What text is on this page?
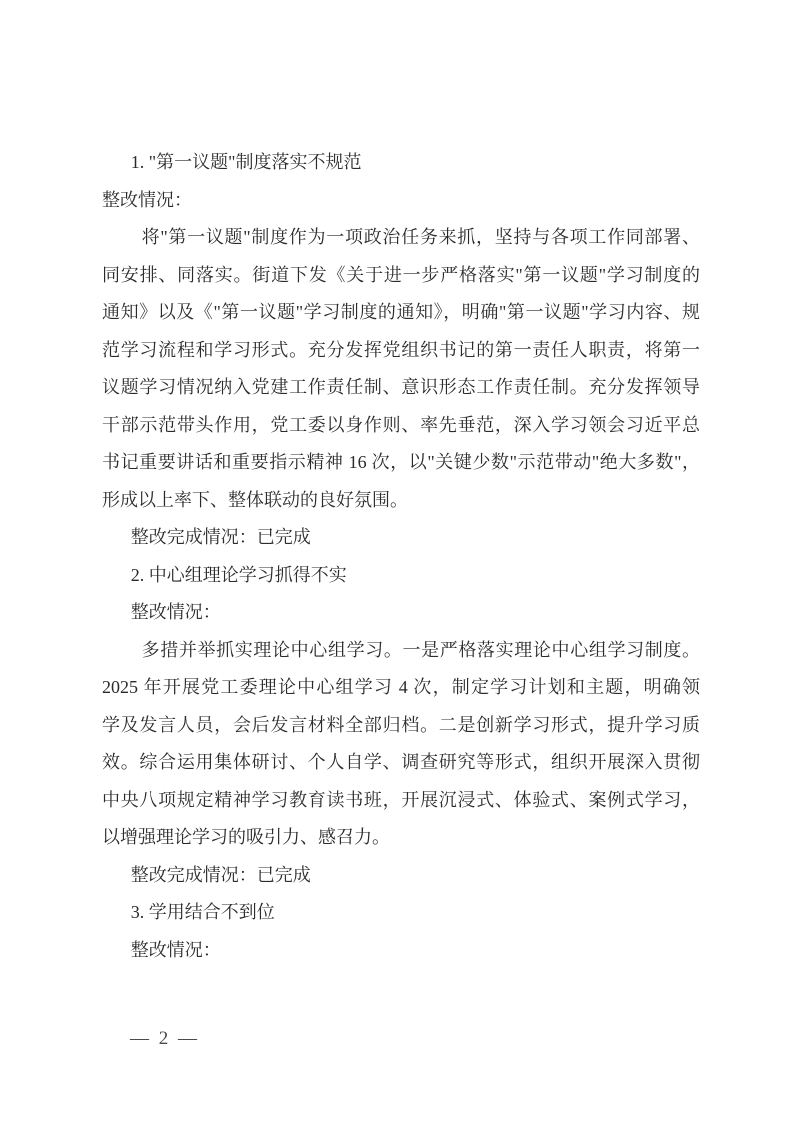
1. "第一议题"制度落实不规范
整改情况：
将"第一议题"制度作为一项政治任务来抓，坚持与各项工作同部署、
同安排、同落实。街道下发《关于进一步严格落实"第一议题"学习制度的
通知》以及《"第一议题"学习制度的通知》，明确"第一议题"学习内容、规
范学习流程和学习形式。充分发挥党组织书记的第一责任人职责，将第一
议题学习情况纳入党建工作责任制、意识形态工作责任制。充分发挥领导
干部示范带头作用，党工委以身作则、率先垂范，深入学习领会习近平总
书记重要讲话和重要指示精神 16 次，以"关键少数"示范带动"绝大多数"，
形成以上率下、整体联动的良好氛围。
整改完成情况：已完成
2. 中心组理论学习抓得不实
整改情况：
多措并举抓实理论中心组学习。一是严格落实理论中心组学习制度。
2025 年开展党工委理论中心组学习 4 次，制定学习计划和主题，明确领
学及发言人员，会后发言材料全部归档。二是创新学习形式，提升学习质
效。综合运用集体研讨、个人自学、调查研究等形式，组织开展深入贯彻
中央八项规定精神学习教育读书班，开展沉浸式、体验式、案例式学习，
以增强理论学习的吸引力、感召力。
整改完成情况：已完成
3. 学用结合不到位
整改情况：
— 2 —
